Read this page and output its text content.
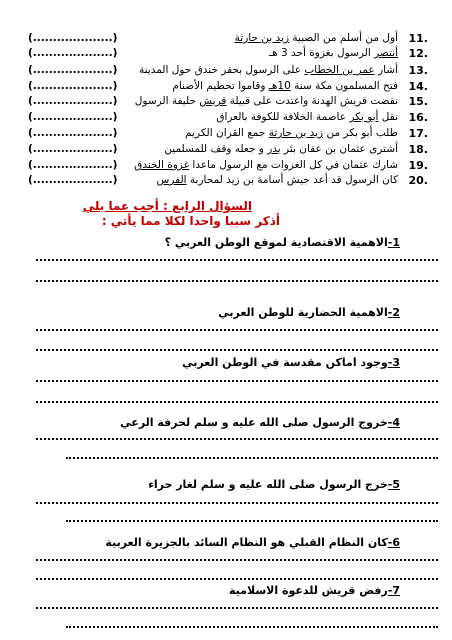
11.
أول من أسلم من الصبية زيد بن حارثة
(....................)
12.
أنتصر الرسول بغزوة أحد 3 هـ
(....................)
13.
أشار عمر بن الخطاب على الرسول بحفر خندق حول المدينة
(....................)
14.
فتح المسلمون مكة سنة 10هـ وقاموا تحطيم الأصنام
(....................)
15.
نقضت قريش الهدنة واعتدت على قبيلة قريش حليفة الرسول
(....................)
16.
نقل أبو بكر عاصمة الخلافة للكوفة بالعراق
(....................)
17.
طلب أبو بكر من زيد بن حارثة جمع القران الكريم
(....................)
18.
أشترى عثمان بن عفان بئر بدر و جعله وقف للمسلمين
(....................)
19.
شارك عثمان في كل الغزوات مع الرسول ماعدا غزوة الخندق
(....................)
20.
كان الرسول قد أعد جيش أسامة بن زيد لمحاربة الفرس
(....................)
السؤال الرابع : أجب عما يلي
أذكر سببا واحدا لكلا مما يأتي :
1-الاهمية الاقتصادية لموقع الوطن العربي ؟
2-الاهمية الحضارية للوطن العربي
3-وجود اماكن مقدسة في الوطن العربي
4-خروج الرسول صلى الله عليه و سلم لحرفة الرعي
5-خرج الرسول صلى الله عليه و سلم لغار حراء
6-كان النظام القبلي هو النظام السائد بالجزيرة العربية
7-رفض قريش للدعوة الاسلامية
